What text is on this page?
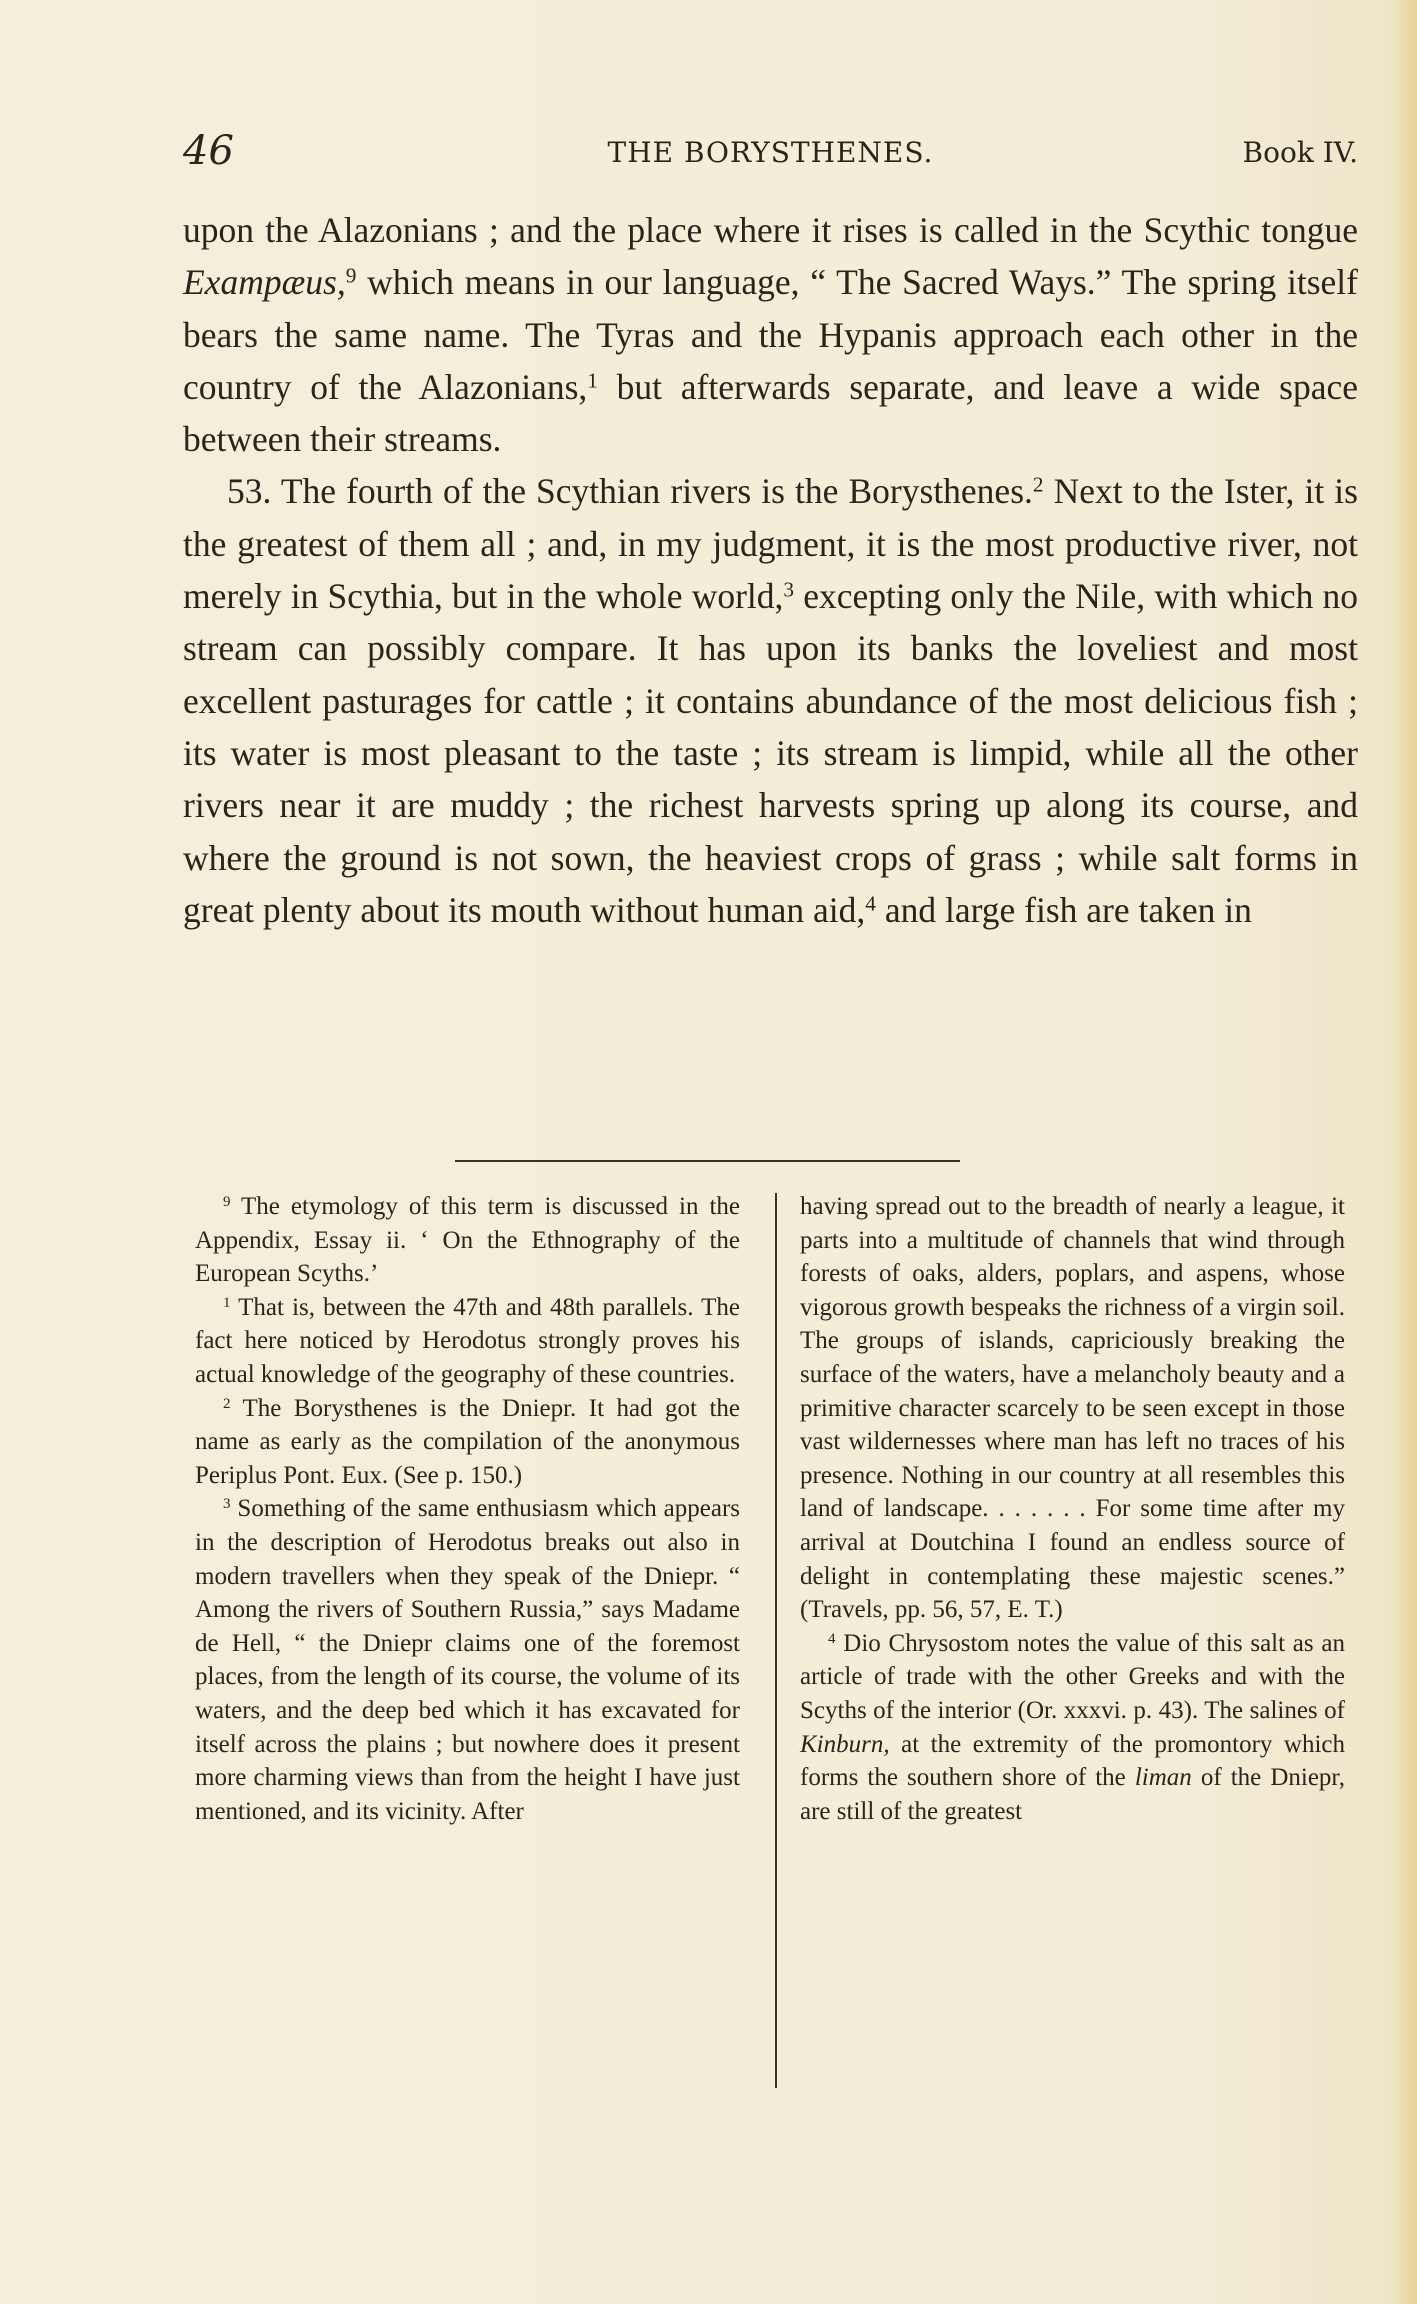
46	THE BORYSTHENES.	Book IV.

upon the Alazonians ; and the place where it rises is called in the Scythic tongue Exampæus,$^9$ which means in our language, “ The Sacred Ways.” The spring itself bears the same name. The Tyras and the Hypanis approach each other in the country of the Alazonians,$^1$ but afterwards separate, and leave a wide space between their streams.

53. The fourth of the Scythian rivers is the Borysthenes.$^2$ Next to the Ister, it is the greatest of them all ; and, in my judgment, it is the most productive river, not merely in Scythia, but in the whole world,$^3$ excepting only the Nile, with which no stream can possibly compare. It has upon its banks the loveliest and most excellent pasturages for cattle ; it contains abundance of the most delicious fish ; its water is most pleasant to the taste ; its stream is limpid, while all the other rivers near it are muddy ; the richest harvests spring up along its course, and where the ground is not sown, the heaviest crops of grass ; while salt forms in great plenty about its mouth without human aid,$^4$ and large fish are taken in

$^9$ The etymology of this term is discussed in the Appendix, Essay ii. ‘ On the Ethnography of the European Scyths.’

$^1$ That is, between the 47th and 48th parallels. The fact here noticed by Herodotus strongly proves his actual knowledge of the geography of these countries.

$^2$ The Borysthenes is the Dniepr. It had got the name as early as the compilation of the anonymous Periplus Pont. Eux. (See p. 150.)

$^3$ Something of the same enthusiasm which appears in the description of Herodotus breaks out also in modern travellers when they speak of the Dniepr. “ Among the rivers of Southern Russia,” says Madame de Hell, “ the Dniepr claims one of the foremost places, from the length of its course, the volume of its waters, and the deep bed which it has excavated for itself across the plains ; but nowhere does it present more charming views than from the height I have just mentioned, and its vicinity. After

having spread out to the breadth of nearly a league, it parts into a multitude of channels that wind through forests of oaks, alders, poplars, and aspens, whose vigorous growth bespeaks the richness of a virgin soil. The groups of islands, capriciously breaking the surface of the waters, have a melancholy beauty and a primitive character scarcely to be seen except in those vast wildernesses where man has left no traces of his presence. Nothing in our country at all resembles this land of landscape. . . . . . . For some time after my arrival at Doutchina I found an endless source of delight in contemplating these majestic scenes.” (Travels, pp. 56, 57, E. T.)

$^4$ Dio Chrysostom notes the value of this salt as an article of trade with the other Greeks and with the Scyths of the interior (Or. xxxvi. p. 43). The salines of Kinburn, at the extremity of the promontory which forms the southern shore of the liman of the Dniepr, are still of the greatest
